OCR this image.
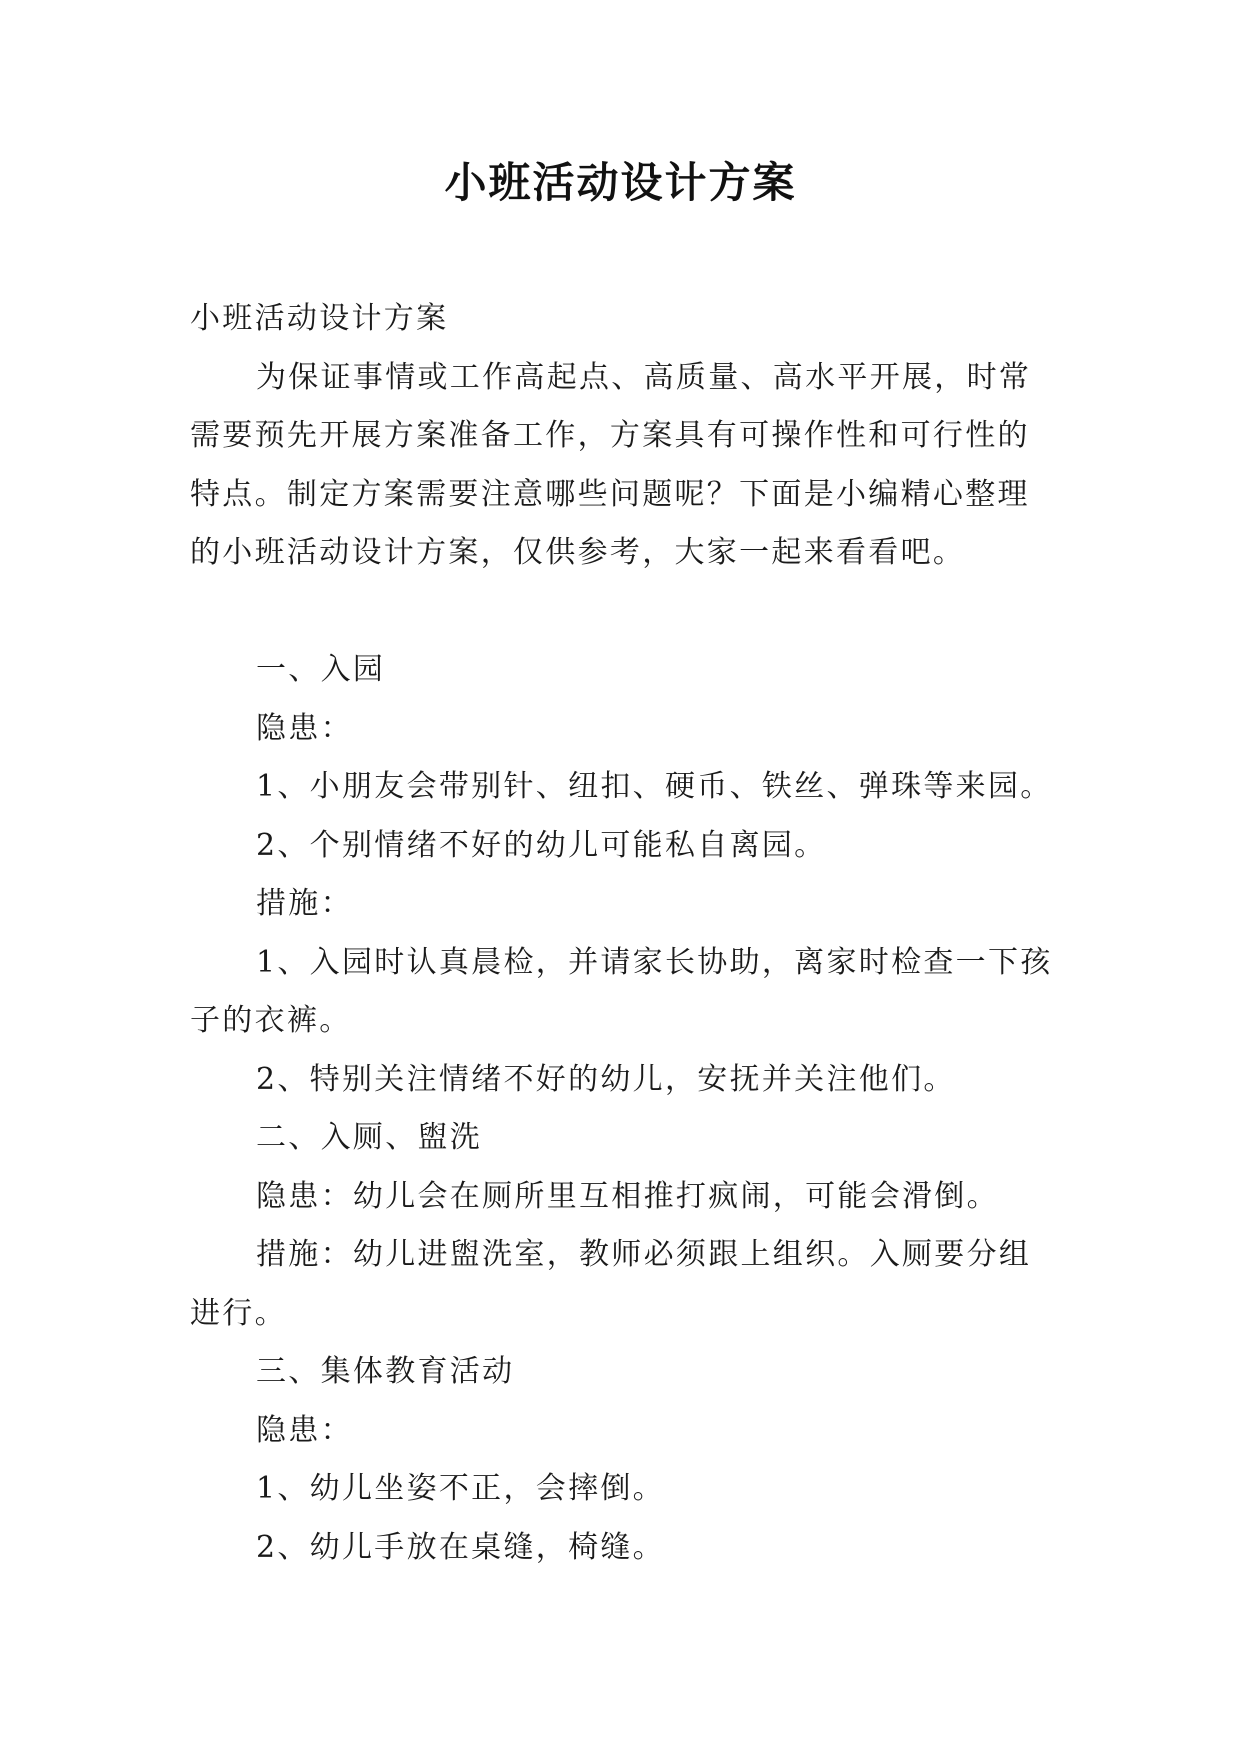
小班活动设计方案

小班活动设计方案

为保证事情或工作高起点、高质量、高水平开展，时常需要预先开展方案准备工作，方案具有可操作性和可行性的特点。制定方案需要注意哪些问题呢？下面是小编精心整理的小班活动设计方案，仅供参考，大家一起来看看吧。

一、入园

隐患：

1、小朋友会带别针、纽扣、硬币、铁丝、弹珠等来园。

2、个别情绪不好的幼儿可能私自离园。

措施：

1、入园时认真晨检，并请家长协助，离家时检查一下孩子的衣裤。

2、特别关注情绪不好的幼儿，安抚并关注他们。

二、入厕、盥洗

隐患：幼儿会在厕所里互相推打疯闹，可能会滑倒。

措施：幼儿进盥洗室，教师必须跟上组织。入厕要分组进行。

三、集体教育活动

隐患：

1、幼儿坐姿不正，会摔倒。

2、幼儿手放在桌缝，椅缝。
